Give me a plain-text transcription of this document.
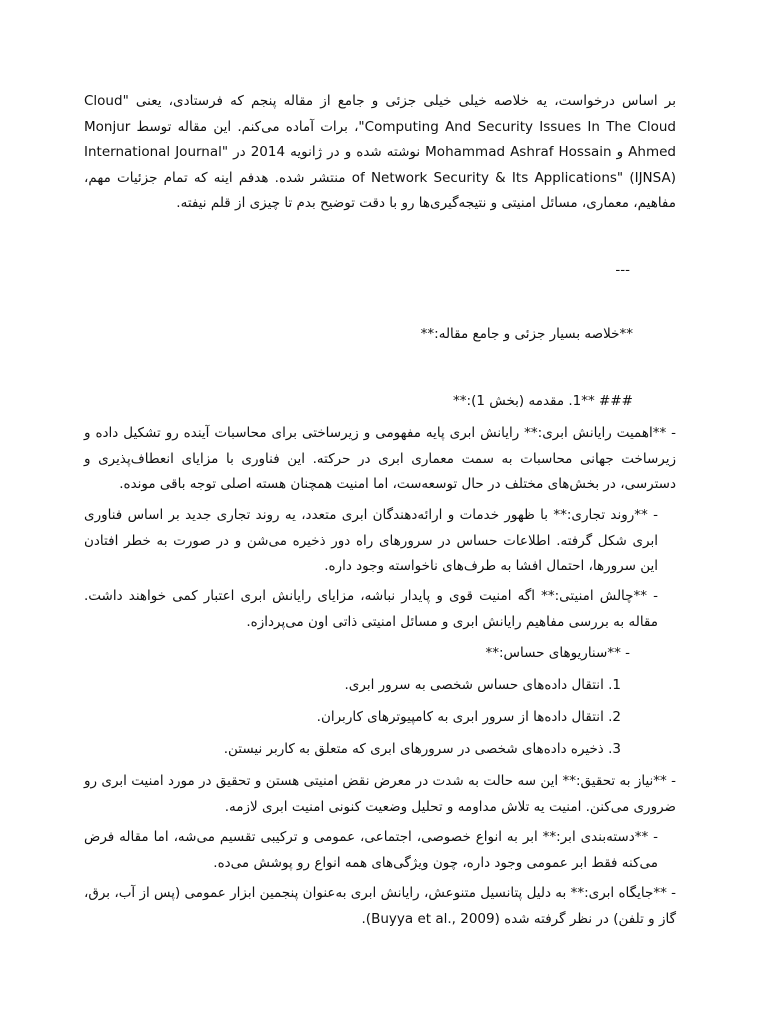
بر اساس درخواست، یه خلاصه خیلی خیلی جزئی و جامع از مقاله پنجم که فرستادی، یعنی "Cloud Computing And Security Issues In The Cloud"، برات آماده می‌کنم. این مقاله توسط Monjur Ahmed و Mohammad Ashraf Hossain نوشته شده و در ژانویه 2014 در "International Journal of Network Security & Its Applications" (IJNSA) منتشر شده. هدفم اینه که تمام جزئیات مهم، مفاهیم، معماری، مسائل امنیتی و نتیجه‌گیری‌ها رو با دقت توضیح بدم تا چیزی از قلم نیفته.

---

**خلاصه بسیار جزئی و جامع مقاله:**

### **1. مقدمه (بخش 1):**

- **اهمیت رایانش ابری:** رایانش ابری پایه مفهومی و زیرساختی برای محاسبات آینده رو تشکیل داده و زیرساخت جهانی محاسبات به سمت معماری ابری در حرکته. این فناوری با مزایای انعطاف‌پذیری و دسترسی، در بخش‌های مختلف در حال توسعه‌ست، اما امنیت همچنان هسته اصلی توجه باقی مونده.

- **روند تجاری:** با ظهور خدمات و ارائه‌دهندگان ابری متعدد، یه روند تجاری جدید بر اساس فناوری ابری شکل گرفته. اطلاعات حساس در سرورهای راه دور ذخیره می‌شن و در صورت به خطر افتادن این سرورها، احتمال افشا به طرف‌های ناخواسته وجود داره.

- **چالش امنیتی:** اگه امنیت قوی و پایدار نباشه، مزایای رایانش ابری اعتبار کمی خواهند داشت. مقاله به بررسی مفاهیم رایانش ابری و مسائل امنیتی ذاتی اون می‌پردازه.

- **سناریوهای حساس:**

1. انتقال داده‌های حساس شخصی به سرور ابری.

2. انتقال داده‌ها از سرور ابری به کامپیوترهای کاربران.

3. ذخیره داده‌های شخصی در سرورهای ابری که متعلق به کاربر نیستن.

- **نیاز به تحقیق:** این سه حالت به شدت در معرض نقض امنیتی هستن و تحقیق در مورد امنیت ابری رو ضروری می‌کنن. امنیت یه تلاش مداومه و تحلیل وضعیت کنونی امنیت ابری لازمه.

- **دسته‌بندی ابر:** ابر به انواع خصوصی، اجتماعی، عمومی و ترکیبی تقسیم می‌شه، اما مقاله فرض می‌کنه فقط ابر عمومی وجود داره، چون ویژگی‌های همه انواع رو پوشش می‌ده.

- **جایگاه ابری:** به دلیل پتانسیل متنوعش، رایانش ابری به‌عنوان پنجمین ابزار عمومی (پس از آب، برق، گاز و تلفن) در نظر گرفته شده (Buyya et al., 2009).
